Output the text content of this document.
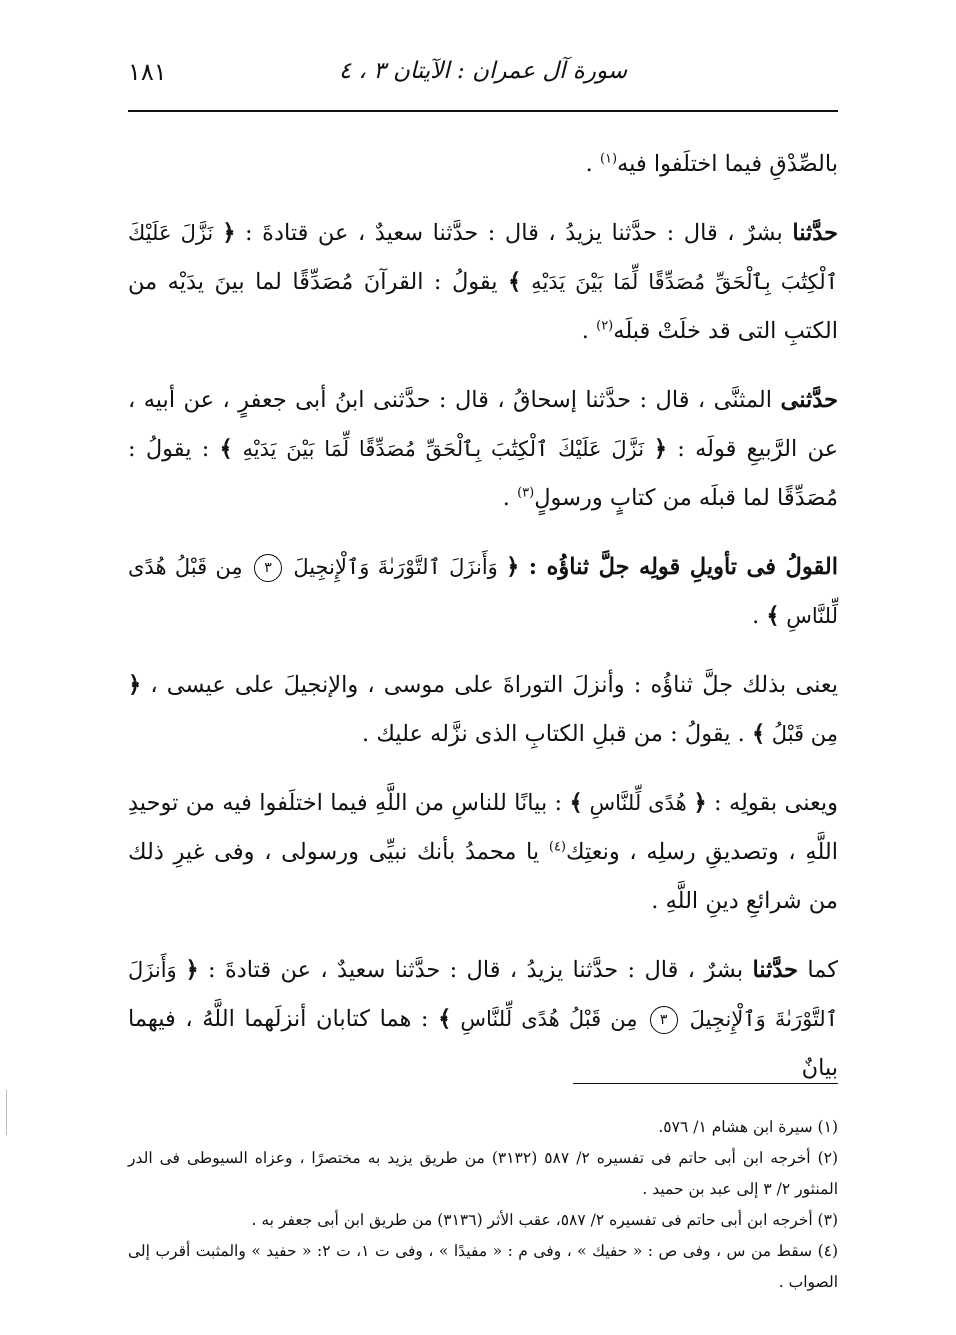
١٨١	سورة آل عمران : الآيتان ٣ ، ٤

بالصِّدْقِ فيما اختلَفوا فيه$^{(١)}$ .

حدَّثنا بشرٌ ، قال : حدَّثنا يزيدُ ، قال : حدَّثنا سعيدٌ ، عن قتادةَ : ﴿ نَزَّلَ عَلَيْكَ ٱلْكِتَٰبَ بِٱلْحَقِّ مُصَدِّقًا لِّمَا بَيْنَ يَدَيْهِ ﴾ يقولُ : القرآنَ مُصَدِّقًا لما بينَ يدَيْه من الكتبِ التى قد خلَتْ قبلَه$^{(٢)}$ .

حدَّثنى المثنَّى ، قال : حدَّثنا إسحاقُ ، قال : حدَّثنى ابنُ أبى جعفرٍ ، عن أبيه ، عن الرَّبيعِ قولَه : ﴿ نَزَّلَ عَلَيْكَ ٱلْكِتَٰبَ بِٱلْحَقِّ مُصَدِّقًا لِّمَا بَيْنَ يَدَيْهِ ﴾ : يقولُ : مُصَدِّقًا لما قبلَه من كتابٍ ورسولٍ$^{(٣)}$ .

القولُ فى تأويلِ قولِه جلَّ ثناؤُه : ﴿ وَأَنزَلَ ٱلتَّوْرَىٰةَ وَٱلْإِنجِيلَ ٣ مِن قَبْلُ هُدًى لِّلنَّاسِ ﴾ .

يعنى بذلك جلَّ ثناؤُه : وأنزلَ التوراةَ على موسى ، والإنجيلَ على عيسى ، ﴿ مِن قَبْلُ ﴾ . يقولُ : من قبلِ الكتابِ الذى نزَّله عليك .

ويعنى بقولِه : ﴿ هُدًى لِّلنَّاسِ ﴾ : بيانًا للناسِ من اللَّهِ فيما اختلَفوا فيه من توحيدِ اللَّهِ ، وتصديقِ رسلِه ، ونعتِك$^{(٤)}$ يا محمدُ بأنك نبيِّى ورسولى ، وفى غيرِ ذلك من شرائعِ دينِ اللَّهِ .

كما حدَّثنا بشرٌ ، قال : حدَّثنا يزيدُ ، قال : حدَّثنا سعيدٌ ، عن قتادةَ : ﴿ وَأَنزَلَ ٱلتَّوْرَىٰةَ وَٱلْإِنجِيلَ ٣ مِن قَبْلُ هُدًى لِّلنَّاسِ ﴾ : هما كتابان أنزلَهما اللَّهُ ، فيهما بيانٌ

(١) سيرة ابن هشام ١/ ٥٧٦.

(٢) أخرجه ابن أبى حاتم فى تفسيره ٢/ ٥٨٧ (٣١٣٢) من طريق يزيد به مختصرًا ، وعزاه السيوطى فى الدر المنثور ٢/ ٣ إلى عبد بن حميد .

(٣) أخرجه ابن أبى حاتم فى تفسيره ٢/ ٥٨٧، عقب الأثر (٣١٣٦) من طريق ابن أبى جعفر به .

(٤) سقط من س ، وفى ص : « حفيك » ، وفى م : « مفيدًا » ، وفى ت ١، ت ٢: « حفيد » والمثبت أقرب إلى الصواب .
